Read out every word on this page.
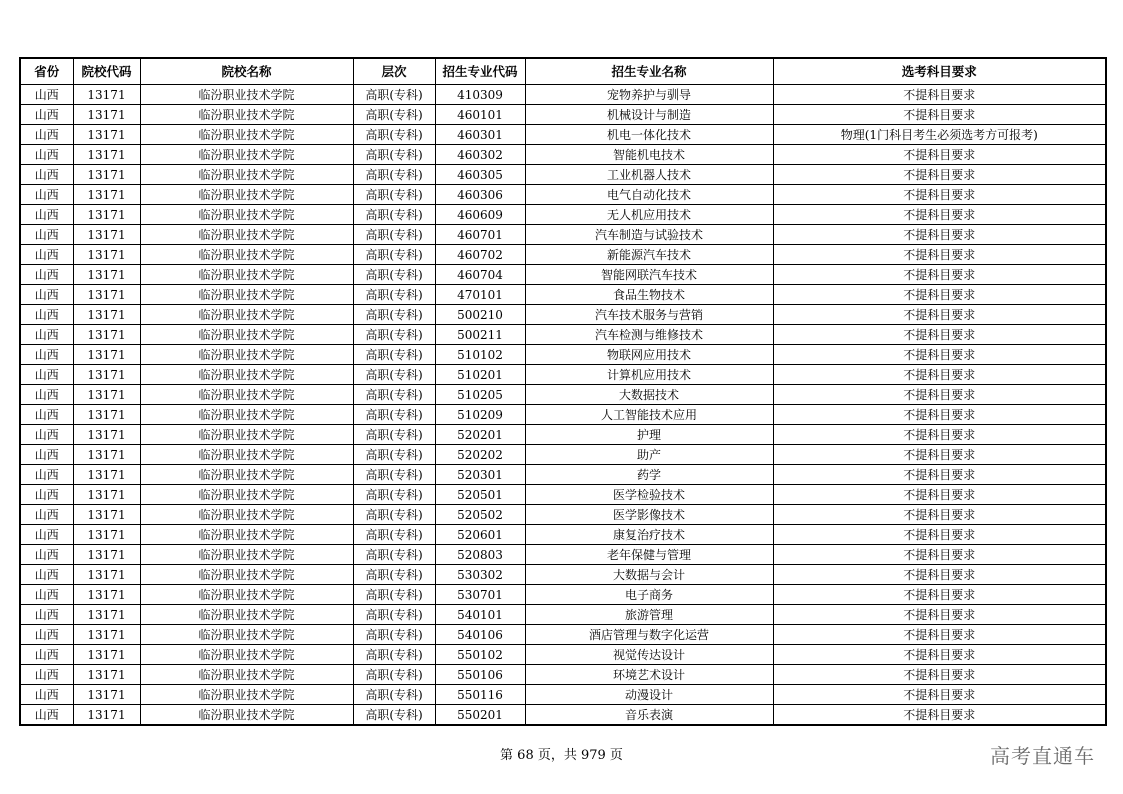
省份	院校代码	院校名称	层次	招生专业代码	招生专业名称	选考科目要求
山西	13171	临汾职业技术学院	高职(专科)	410309	宠物养护与驯导	不提科目要求
山西	13171	临汾职业技术学院	高职(专科)	460101	机械设计与制造	不提科目要求
山西	13171	临汾职业技术学院	高职(专科)	460301	机电一体化技术	物理(1门科目考生必须选考方可报考)
山西	13171	临汾职业技术学院	高职(专科)	460302	智能机电技术	不提科目要求
山西	13171	临汾职业技术学院	高职(专科)	460305	工业机器人技术	不提科目要求
山西	13171	临汾职业技术学院	高职(专科)	460306	电气自动化技术	不提科目要求
山西	13171	临汾职业技术学院	高职(专科)	460609	无人机应用技术	不提科目要求
山西	13171	临汾职业技术学院	高职(专科)	460701	汽车制造与试验技术	不提科目要求
山西	13171	临汾职业技术学院	高职(专科)	460702	新能源汽车技术	不提科目要求
山西	13171	临汾职业技术学院	高职(专科)	460704	智能网联汽车技术	不提科目要求
山西	13171	临汾职业技术学院	高职(专科)	470101	食品生物技术	不提科目要求
山西	13171	临汾职业技术学院	高职(专科)	500210	汽车技术服务与营销	不提科目要求
山西	13171	临汾职业技术学院	高职(专科)	500211	汽车检测与维修技术	不提科目要求
山西	13171	临汾职业技术学院	高职(专科)	510102	物联网应用技术	不提科目要求
山西	13171	临汾职业技术学院	高职(专科)	510201	计算机应用技术	不提科目要求
山西	13171	临汾职业技术学院	高职(专科)	510205	大数据技术	不提科目要求
山西	13171	临汾职业技术学院	高职(专科)	510209	人工智能技术应用	不提科目要求
山西	13171	临汾职业技术学院	高职(专科)	520201	护理	不提科目要求
山西	13171	临汾职业技术学院	高职(专科)	520202	助产	不提科目要求
山西	13171	临汾职业技术学院	高职(专科)	520301	药学	不提科目要求
山西	13171	临汾职业技术学院	高职(专科)	520501	医学检验技术	不提科目要求
山西	13171	临汾职业技术学院	高职(专科)	520502	医学影像技术	不提科目要求
山西	13171	临汾职业技术学院	高职(专科)	520601	康复治疗技术	不提科目要求
山西	13171	临汾职业技术学院	高职(专科)	520803	老年保健与管理	不提科目要求
山西	13171	临汾职业技术学院	高职(专科)	530302	大数据与会计	不提科目要求
山西	13171	临汾职业技术学院	高职(专科)	530701	电子商务	不提科目要求
山西	13171	临汾职业技术学院	高职(专科)	540101	旅游管理	不提科目要求
山西	13171	临汾职业技术学院	高职(专科)	540106	酒店管理与数字化运营	不提科目要求
山西	13171	临汾职业技术学院	高职(专科)	550102	视觉传达设计	不提科目要求
山西	13171	临汾职业技术学院	高职(专科)	550106	环境艺术设计	不提科目要求
山西	13171	临汾职业技术学院	高职(专科)	550116	动漫设计	不提科目要求
山西	13171	临汾职业技术学院	高职(专科)	550201	音乐表演	不提科目要求
第 68 页，共 979 页	高考直通车
